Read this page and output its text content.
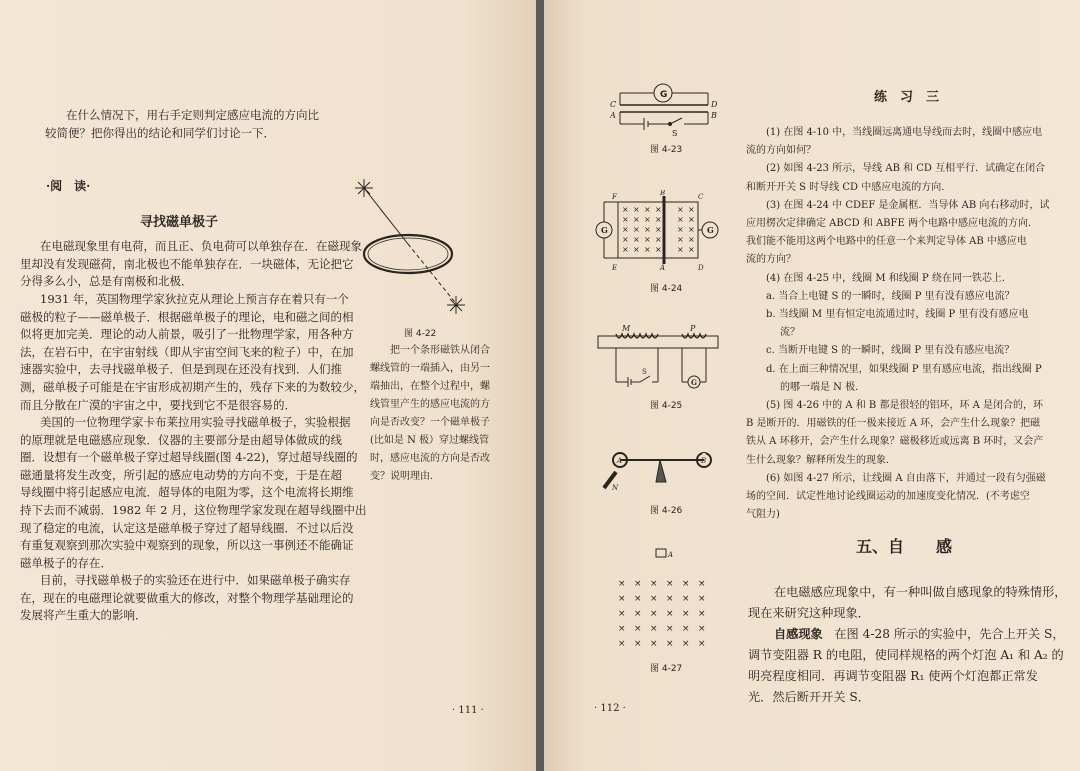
在什么情况下，用右手定则判定感应电流的方向比
较简便？把你得出的结论和同学们讨论一下．
·阅　读·
寻找磁单极子
在电磁现象里有电荷，而且正、负电荷可以单独存在．在磁现象
里却没有发现磁荷，南北极也不能单独存在．一块磁体，无论把它
分得多么小，总是有南极和北极．
1931 年，英国物理学家狄拉克从理论上预言存在着只有一个
磁极的粒子——磁单极子．根据磁单极子的理论，电和磁之间的相
似将更加完美．理论的动人前景，吸引了一批物理学家，用各种方
法，在岩石中，在宇宙射线（即从宇宙空间飞来的粒子）中，在加
速器实验中，去寻找磁单极子．但是到现在还没有找到．人们推
测，磁单极子可能是在宇宙形成初期产生的，残存下来的为数较少，
而且分散在广漠的宇宙之中，要找到它不是很容易的．
美国的一位物理学家卡布莱拉用实验寻找磁单极子，实验根据
的原理就是电磁感应现象．仪器的主要部分是由超导体做成的线
圈．设想有一个磁单极子穿过超导线圈(图 4-22)，穿过超导线圈的
磁通量将发生改变，所引起的感应电动势的方向不变，于是在超
导线圈中将引起感应电流．超导体的电阻为零，这个电流将长期维
持下去而不减弱．1982 年 2 月，这位物理学家发现在超导线圈中出
现了稳定的电流，认定这是磁单极子穿过了超导线圈．不过以后没
有重复观察到那次实验中观察到的现象，所以这一事例还不能确证
磁单极子的存在．
目前，寻找磁单极子的实验还在进行中．如果磁单极子确实存
在，现在的电磁理论就要做重大的修改，对整个物理学基础理论的
发展将产生重大的影响．
图 4-22
把一个条形磁铁从闭合
螺线管的一端插入，由另一
端抽出，在整个过程中，螺
线管里产生的感应电流的方
向是否改变？一个磁单极子
(比如是 N 极）穿过螺线管
时，感应电流的方向是否改
变？说明理由．
· 111 ·
G
C	D
A	B
S
图 4-23
× × × × × ×
× × × × × ×
× × × × × ×
× × × × × ×
× × × × × ×
G	G
F	B	C
E	A	D
图 4-24
M	P
S
G
图 4-25
A	B
N
图 4-26
A
× × × × × ×
× × × × × ×
× × × × × ×
× × × × × ×
× × × × × ×
图 4-27
练　习　三
(1) 在图 4-10 中，当线圈远离通电导线而去时，线圈中感应电
流的方向如何？
(2) 如图 4-23 所示，导线 AB 和 CD 互相平行．试确定在闭合
和断开开关 S 时导线 CD 中感应电流的方向．
(3) 在图 4-24 中 CDEF 是金属框．当导体 AB 向右移动时，试
应用楞次定律确定 ABCD 和 ABFE 两个电路中感应电流的方向．
我们能不能用这两个电路中的任意一个来判定导体 AB 中感应电
流的方向？
(4) 在图 4-25 中，线圈 M 和线圈 P 绕在同一铁芯上．
a. 当合上电键 S 的一瞬时，线圈 P 里有没有感应电流？
b. 当线圈 M 里有恒定电流通过时，线圈 P 里有没有感应电
流？
c. 当断开电键 S 的一瞬时，线圈 P 里有没有感应电流？
d. 在上面三种情况里，如果线圈 P 里有感应电流，指出线圈 P
的哪一端是 N 极．
(5) 图 4-26 中的 A 和 B 都是很轻的铝环，环 A 是闭合的，环
B 是断开的．用磁铁的任一极来接近 A 环，会产生什么现象？把磁
铁从 A 环移开，会产生什么现象？磁极移近或远离 B 环时，又会产
生什么现象？解释所发生的现象．
(6) 如图 4-27 所示，让线圈 A 自由落下，并通过一段有匀强磁
场的空间．试定性地讨论线圈运动的加速度变化情况．(不考虑空
气阻力)
五、自　　感
在电磁感应现象中，有一种叫做自感现象的特殊情形，
现在来研究这种现象．
自感现象 在图 4-28 所示的实验中，先合上开关 S，
调节变阻器 R 的电阻，使同样规格的两个灯泡 A₁ 和 A₂ 的
明亮程度相同．再调节变阻器 R₁ 使两个灯泡都正常发
光．然后断开开关 S．
· 112 ·
